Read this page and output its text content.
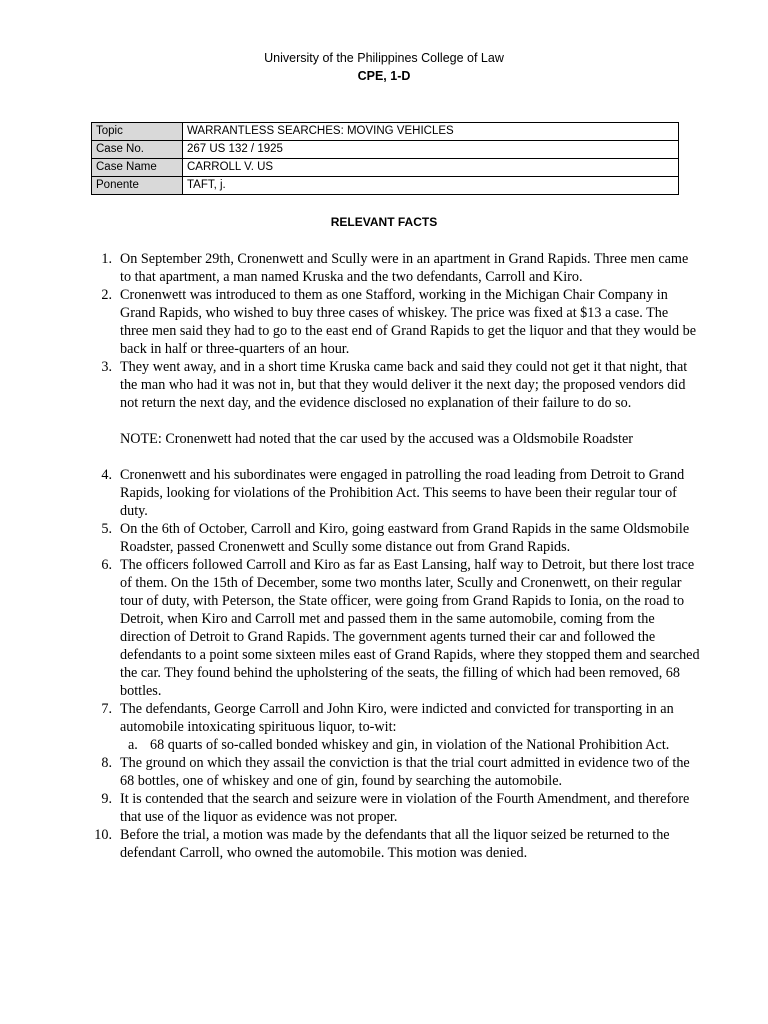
University of the Philippines College of Law
CPE, 1-D
Topic	WARRANTLESS SEARCHES: MOVING VEHICLES
Case No.	267 US 132 / 1925
Case Name	CARROLL V. US
Ponente	TAFT, j.
RELEVANT FACTS
1. On September 29th, Cronenwett and Scully were in an apartment in Grand Rapids. Three men came to that apartment, a man named Kruska and the two defendants, Carroll and Kiro.
2. Cronenwett was introduced to them as one Stafford, working in the Michigan Chair Company in Grand Rapids, who wished to buy three cases of whiskey. The price was fixed at $13 a case. The three men said they had to go to the east end of Grand Rapids to get the liquor and that they would be back in half or three-quarters of an hour.
3. They went away, and in a short time Kruska came back and said they could not get it that night, that the man who had it was not in, but that they would deliver it the next day; the proposed vendors did not return the next day, and the evidence disclosed no explanation of their failure to do so.
NOTE: Cronenwett had noted that the car used by the accused was a Oldsmobile Roadster
4. Cronenwett and his subordinates were engaged in patrolling the road leading from Detroit to Grand Rapids, looking for violations of the Prohibition Act. This seems to have been their regular tour of duty.
5. On the 6th of October, Carroll and Kiro, going eastward from Grand Rapids in the same Oldsmobile Roadster, passed Cronenwett and Scully some distance out from Grand Rapids.
6. The officers followed Carroll and Kiro as far as East Lansing, half way to Detroit, but there lost trace of them. On the 15th of December, some two months later, Scully and Cronenwett, on their regular tour of duty, with Peterson, the State officer, were going from Grand Rapids to Ionia, on the road to Detroit, when Kiro and Carroll met and passed them in the same automobile, coming from the direction of Detroit to Grand Rapids. The government agents turned their car and followed the defendants to a point some sixteen miles east of Grand Rapids, where they stopped them and searched the car. They found behind the upholstering of the seats, the filling of which had been removed, 68 bottles.
7. The defendants, George Carroll and John Kiro, were indicted and convicted for transporting in an automobile intoxicating spirituous liquor, to-wit:
a. 68 quarts of so-called bonded whiskey and gin, in violation of the National Prohibition Act.
8. The ground on which they assail the conviction is that the trial court admitted in evidence two of the 68 bottles, one of whiskey and one of gin, found by searching the automobile.
9. It is contended that the search and seizure were in violation of the Fourth Amendment, and therefore that use of the liquor as evidence was not proper.
10. Before the trial, a motion was made by the defendants that all the liquor seized be returned to the defendant Carroll, who owned the automobile. This motion was denied.
